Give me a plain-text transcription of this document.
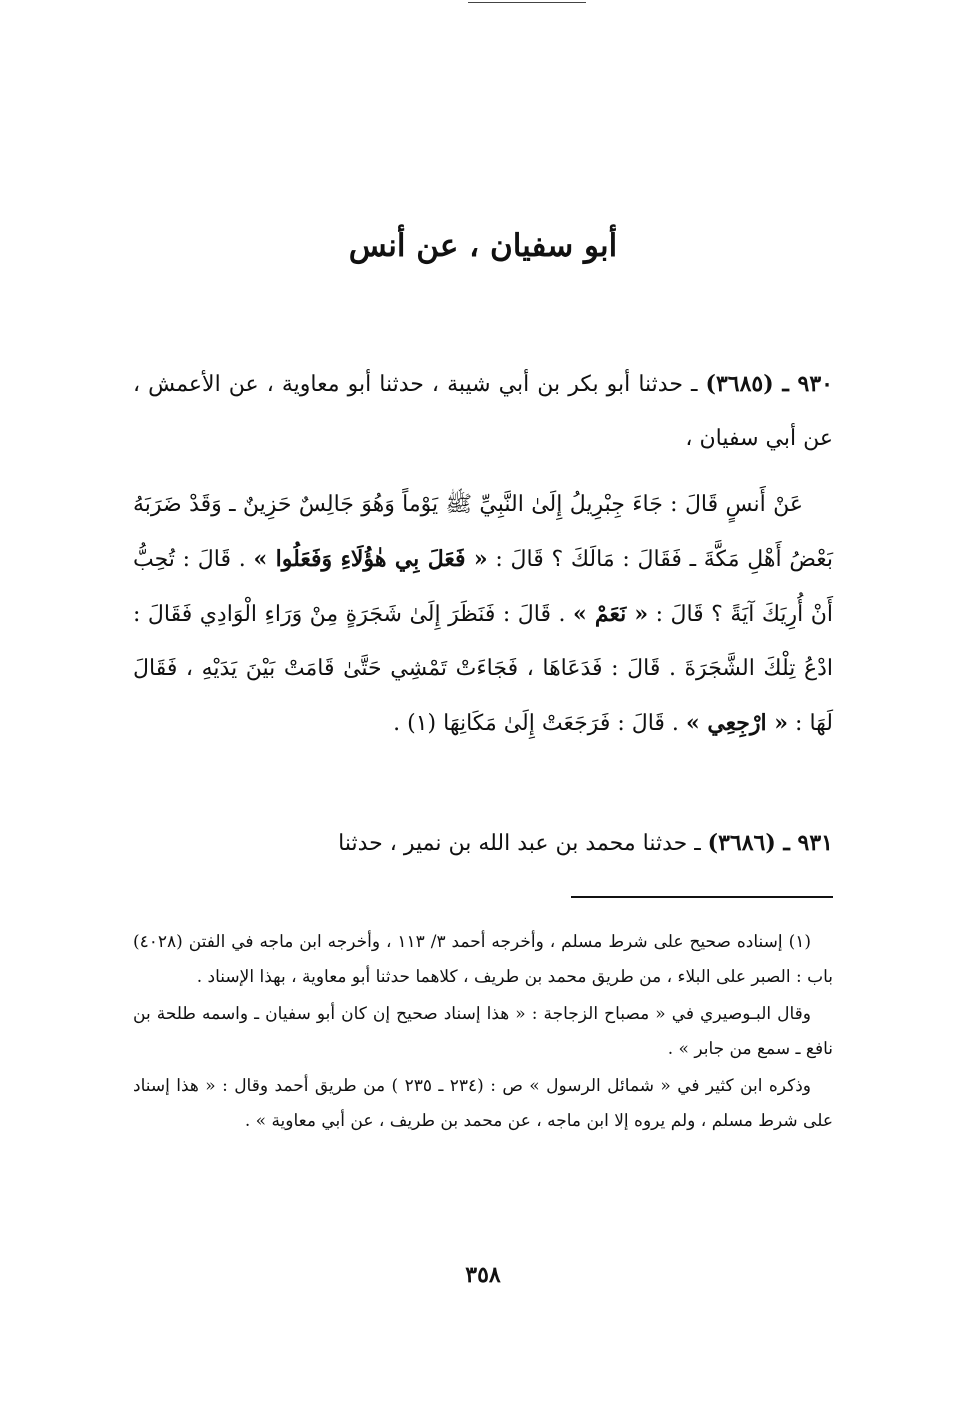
أبو سفيان ، عن أنس

٩٣٠ ـ (٣٦٨٥) ـ حدثنا أبو بكر بن أبي شيبة ، حدثنا أبو معاوية ، عن الأعمش ، عن أبي سفيان ،

عَنْ أَنسٍ قَالَ : جَاءَ جِبْرِيلُ إِلَىٰ النَّبِيِّ ﷺ يَوْماً وَهُوَ جَالِسٌ حَزِينٌ ـ وَقَدْ ضَرَبَهُ بَعْضُ أَهْلِ مَكَّةَ ـ فَقَالَ : مَالَكَ ؟ قَالَ : « فَعَلَ بِي هٰؤُلَاءِ وَفَعَلُوا » . قَالَ : تُحِبُّ أَنْ أُرِيَكَ آيَةً ؟ قَالَ : « نَعَمْ » . قَالَ : فَنَظَرَ إِلَىٰ شَجَرَةٍ مِنْ وَرَاءِ الْوَادِي فَقَالَ : ادْعُ تِلْكَ الشَّجَرَةَ . قَالَ : فَدَعَاهَا ، فَجَاءَتْ تَمْشِي حَتَّىٰ قَامَتْ بَيْنَ يَدَيْهِ ، فَقَالَ لَهَا : « ارْجِعِي » . قَالَ : فَرَجَعَتْ إِلَىٰ مَكَانِهَا (١) .

٩٣١ ـ (٣٦٨٦) ـ حدثنا محمد بن عبد الله بن نمير ، حدثنا

(١) إسناده صحيح على شرط مسلم ، وأخرجه أحمد ٣/ ١١٣ ، وأخرجه ابن ماجه في الفتن (٤٠٢٨) باب : الصبر على البلاء ، من طريق محمد بن طريف ، كلاهما حدثنا أبو معاوية ، بهذا الإسناد .

وقال البـوصيري في « مصباح الزجاجة : « هذا إسناد صحيح إن كان أبو سفيان ـ واسمه طلحة بن نافع ـ سمع من جابر » .

وذكره ابن كثير في « شمائل الرسول » ص : (٢٣٤ ـ ٢٣٥ ) من طريق أحمد وقال : « هذا إسناد على شرط مسلم ، ولم يروه إلا ابن ماجه ، عن محمد بن طريف ، عن أبي معاوية » .

٣٥٨
